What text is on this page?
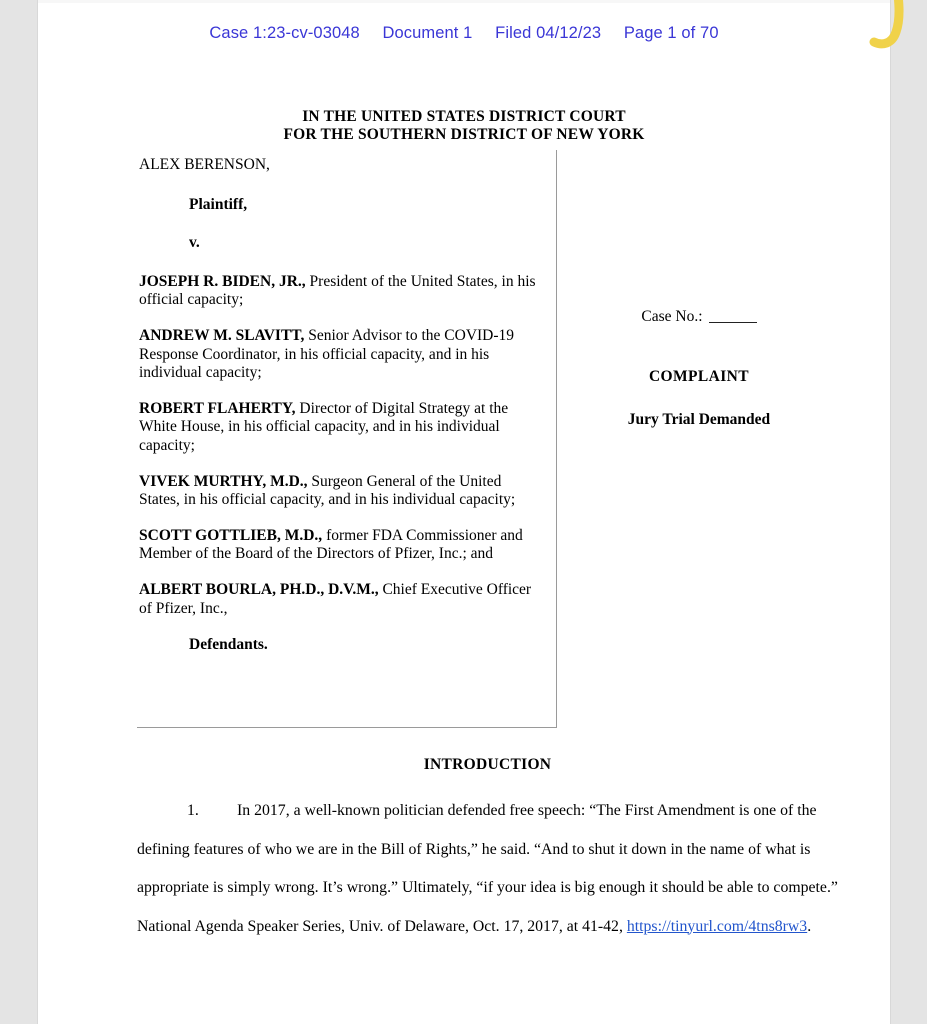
Case 1:23-cv-03048 Document 1 Filed 04/12/23 Page 1 of 70
IN THE UNITED STATES DISTRICT COURT
FOR THE SOUTHERN DISTRICT OF NEW YORK
ALEX BERENSON,
Plaintiff,
v.
JOSEPH R. BIDEN, JR., President of the United States, in his official capacity;
ANDREW M. SLAVITT, Senior Advisor to the COVID-19 Response Coordinator, in his official capacity, and in his individual capacity;
ROBERT FLAHERTY, Director of Digital Strategy at the White House, in his official capacity, and in his individual capacity;
VIVEK MURTHY, M.D., Surgeon General of the United States, in his official capacity, and in his individual capacity;
SCOTT GOTTLIEB, M.D., former FDA Commissioner and Member of the Board of the Directors of Pfizer, Inc.; and
ALBERT BOURLA, PH.D., D.V.M., Chief Executive Officer of Pfizer, Inc.,
Defendants.
Case No.:
COMPLAINT
Jury Trial Demanded
INTRODUCTION
1. In 2017, a well-known politician defended free speech: “The First Amendment is one of the defining features of who we are in the Bill of Rights,” he said. “And to shut it down in the name of what is appropriate is simply wrong. It’s wrong.” Ultimately, “if your idea is big enough it should be able to compete.” National Agenda Speaker Series, Univ. of Delaware, Oct. 17, 2017, at 41-42, https://tinyurl.com/4tns8rw3.
